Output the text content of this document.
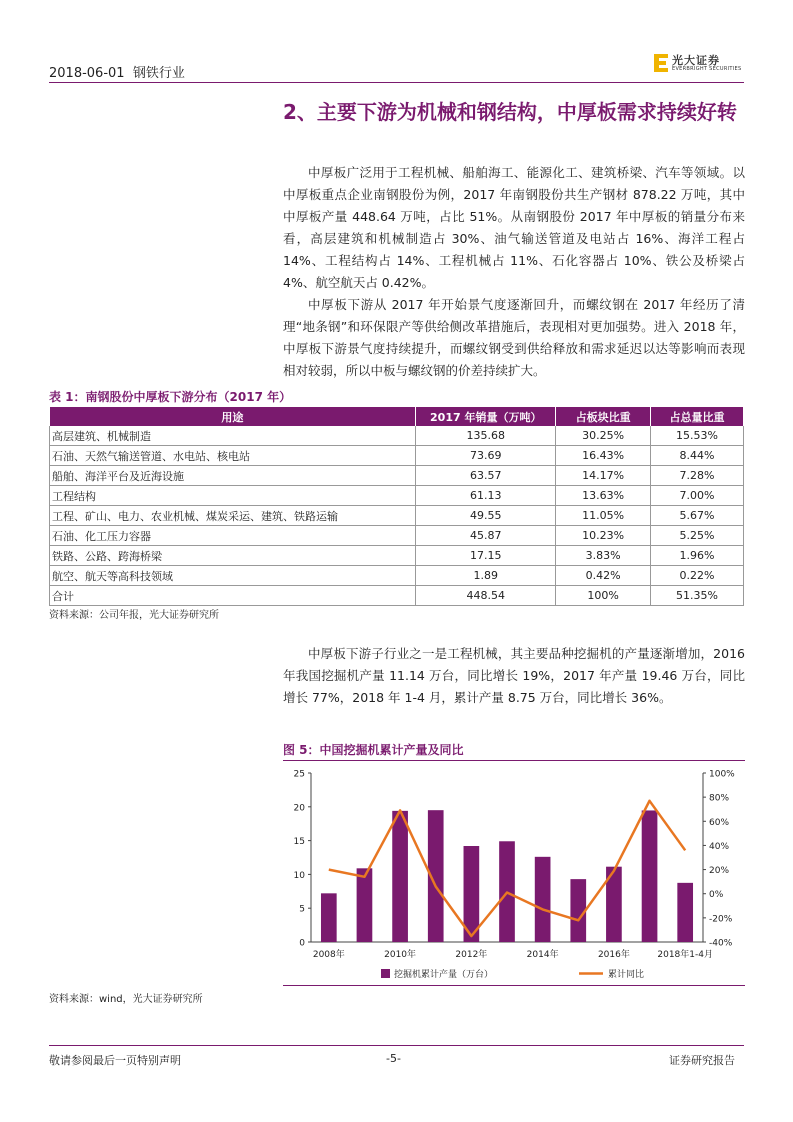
2018-06-01 钢铁行业
光大证券
EVERBRIGHT SECURITIES
2、主要下游为机械和钢结构，中厚板需求持续好转
中厚板广泛用于工程机械、船舶海工、能源化工、建筑桥梁、汽车等领域。以中厚板重点企业南钢股份为例，2017 年南钢股份共生产钢材 878.22 万吨，其中中厚板产量 448.64 万吨，占比 51%。从南钢股份 2017 年中厚板的销量分布来看，高层建筑和机械制造占 30%、油气输送管道及电站占 16%、海洋工程占 14%、工程结构占 14%、工程机械占 11%、石化容器占 10%、铁公及桥梁占 4%、航空航天占 0.42%。
中厚板下游从 2017 年开始景气度逐渐回升，而螺纹钢在 2017 年经历了清理“地条钢”和环保限产等供给侧改革措施后，表现相对更加强势。进入 2018 年，中厚板下游景气度持续提升，而螺纹钢受到供给释放和需求延迟以达等影响而表现相对较弱，所以中板与螺纹钢的价差持续扩大。
表 1：南钢股份中厚板下游分布（2017 年）
用途	2017 年销量（万吨）	占板块比重	占总量比重
高层建筑、机械制造	135.68	30.25%	15.53%
石油、天然气输送管道、水电站、核电站	73.69	16.43%	8.44%
船舶、海洋平台及近海设施	63.57	14.17%	7.28%
工程结构	61.13	13.63%	7.00%
工程、矿山、电力、农业机械、煤炭采运、建筑、铁路运输	49.55	11.05%	5.67%
石油、化工压力容器	45.87	10.23%	5.25%
铁路、公路、跨海桥梁	17.15	3.83%	1.96%
航空、航天等高科技领域	1.89	0.42%	0.22%
合计	448.54	100%	51.35%
资料来源：公司年报，光大证券研究所
中厚板下游子行业之一是工程机械，其主要品种挖掘机的产量逐渐增加，2016 年我国挖掘机产量 11.14 万台，同比增长 19%，2017 年产量 19.46 万台，同比增长 77%，2018 年 1-4 月，累计产量 8.75 万台，同比增长 36%。
图 5：中国挖掘机累计产量及同比
0
5
10
15
20
25
-40%
-20%
0%
20%
40%
60%
80%
100%
2008年	2010年	2012年	2014年	2016年	2018年1-4月
挖掘机累计产量（万台）	累计同比
资料来源：wind，光大证券研究所
敬请参阅最后一页特别声明	-5-	证券研究报告
